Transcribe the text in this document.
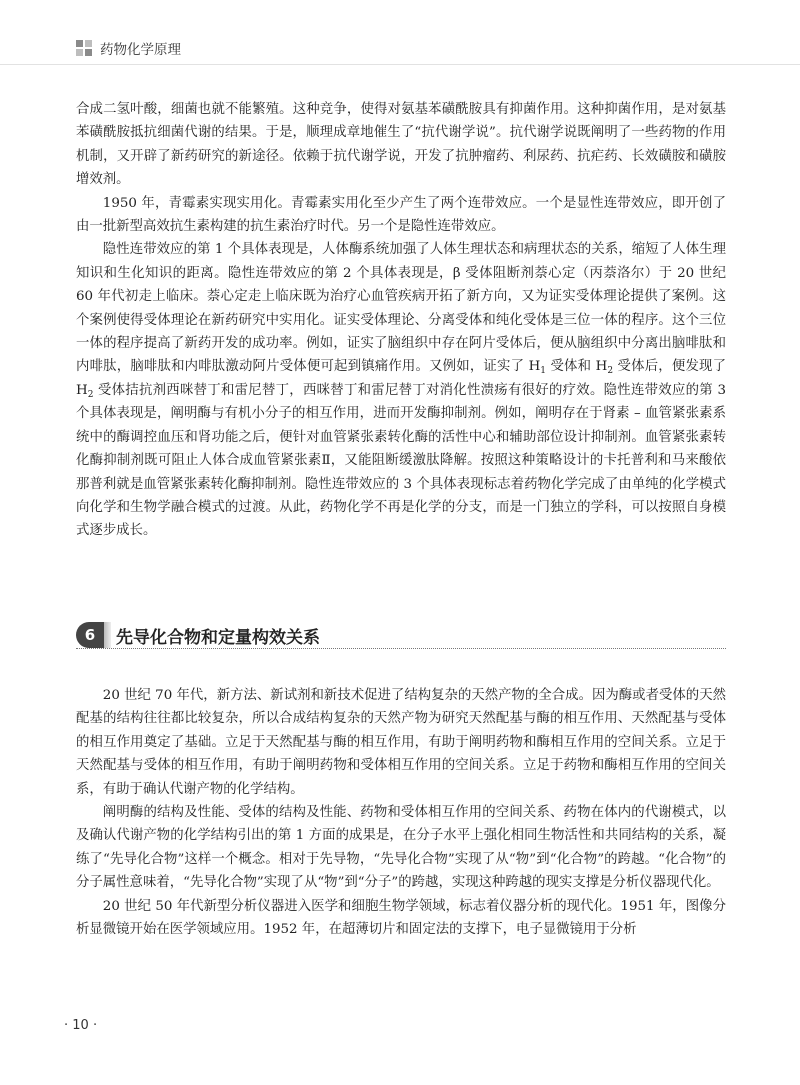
药物化学原理

合成二氢叶酸，细菌也就不能繁殖。这种竞争，使得对氨基苯磺酰胺具有抑菌作用。这种抑菌作用，是对氨基苯磺酰胺抵抗细菌代谢的结果。于是，顺理成章地催生了“抗代谢学说”。抗代谢学说既阐明了一些药物的作用机制，又开辟了新药研究的新途径。依赖于抗代谢学说，开发了抗肿瘤药、利尿药、抗疟药、长效磺胺和磺胺增效剂。

1950 年，青霉素实现实用化。青霉素实用化至少产生了两个连带效应。一个是显性连带效应，即开创了由一批新型高效抗生素构建的抗生素治疗时代。另一个是隐性连带效应。

隐性连带效应的第 1 个具体表现是，人体酶系统加强了人体生理状态和病理状态的关系，缩短了人体生理知识和生化知识的距离。隐性连带效应的第 2 个具体表现是，β 受体阻断剂萘心定（丙萘洛尔）于 20 世纪 60 年代初走上临床。萘心定走上临床既为治疗心血管疾病开拓了新方向，又为证实受体理论提供了案例。这个案例使得受体理论在新药研究中实用化。证实受体理论、分离受体和纯化受体是三位一体的程序。这个三位一体的程序提高了新药开发的成功率。例如，证实了脑组织中存在阿片受体后，便从脑组织中分离出脑啡肽和内啡肽，脑啡肽和内啡肽激动阿片受体便可起到镇痛作用。又例如，证实了 $H_1$ 受体和 $H_2$ 受体后，便发现了 $H_2$ 受体拮抗剂西咪替丁和雷尼替丁，西咪替丁和雷尼替丁对消化性溃疡有很好的疗效。隐性连带效应的第 3 个具体表现是，阐明酶与有机小分子的相互作用，进而开发酶抑制剂。例如，阐明存在于肾素 – 血管紧张素系统中的酶调控血压和肾功能之后，便针对血管紧张素转化酶的活性中心和辅助部位设计抑制剂。血管紧张素转化酶抑制剂既可阻止人体合成血管紧张素Ⅱ，又能阻断缓激肽降解。按照这种策略设计的卡托普利和马来酸依那普利就是血管紧张素转化酶抑制剂。隐性连带效应的 3 个具体表现标志着药物化学完成了由单纯的化学模式向化学和生物学融合模式的过渡。从此，药物化学不再是化学的分支，而是一门独立的学科，可以按照自身模式逐步成长。

6	先导化合物和定量构效关系

20 世纪 70 年代，新方法、新试剂和新技术促进了结构复杂的天然产物的全合成。因为酶或者受体的天然配基的结构往往都比较复杂，所以合成结构复杂的天然产物为研究天然配基与酶的相互作用、天然配基与受体的相互作用奠定了基础。立足于天然配基与酶的相互作用，有助于阐明药物和酶相互作用的空间关系。立足于天然配基与受体的相互作用，有助于阐明药物和受体相互作用的空间关系。立足于药物和酶相互作用的空间关系，有助于确认代谢产物的化学结构。

阐明酶的结构及性能、受体的结构及性能、药物和受体相互作用的空间关系、药物在体内的代谢模式，以及确认代谢产物的化学结构引出的第 1 方面的成果是，在分子水平上强化相同生物活性和共同结构的关系，凝练了“先导化合物”这样一个概念。相对于先导物，“先导化合物”实现了从“物”到“化合物”的跨越。“化合物”的分子属性意味着，“先导化合物”实现了从“物”到“分子”的跨越，实现这种跨越的现实支撑是分析仪器现代化。

20 世纪 50 年代新型分析仪器进入医学和细胞生物学领域，标志着仪器分析的现代化。1951 年，图像分析显微镜开始在医学领域应用。1952 年，在超薄切片和固定法的支撑下，电子显微镜用于分析

· 10 ·
